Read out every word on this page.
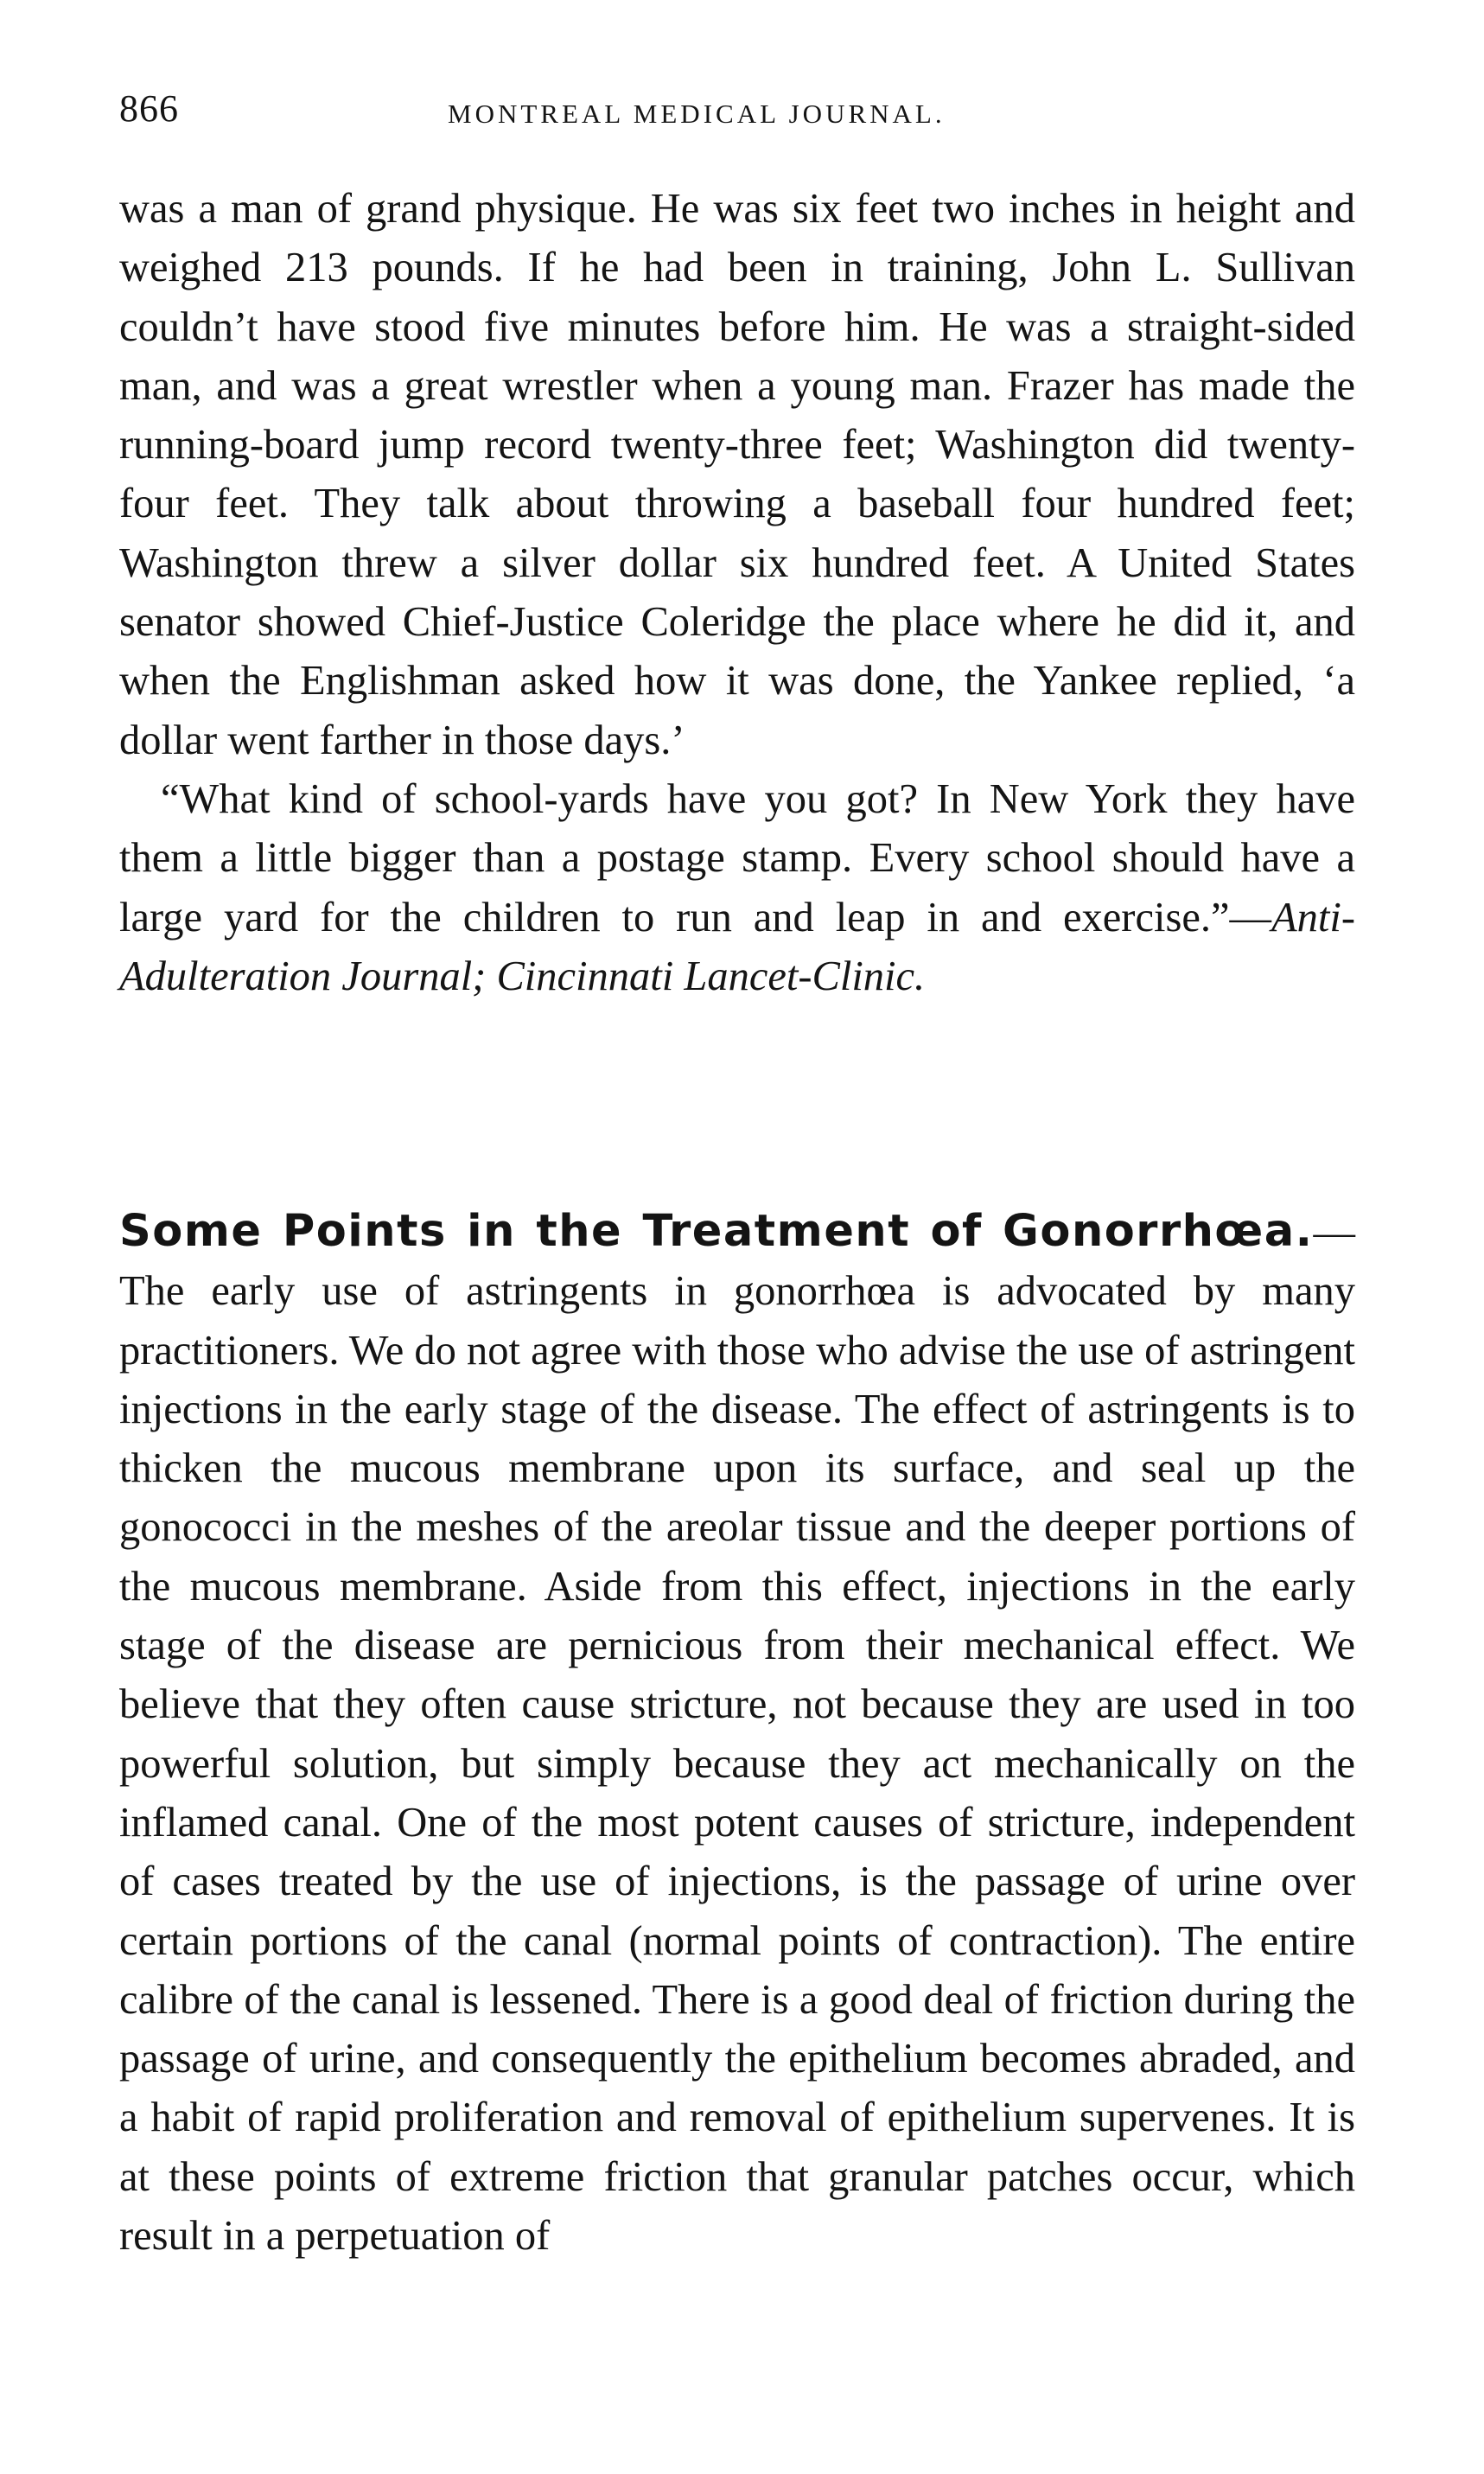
866	MONTREAL MEDICAL JOURNAL.

was a man of grand physique. He was six feet two inches in height and weighed 213 pounds. If he had been in training, John L. Sullivan couldn’t have stood five minutes before him. He was a straight-sided man, and was a great wrestler when a young man. Frazer has made the running-board jump record twenty-three feet; Washington did twenty-four feet. They talk about throwing a baseball four hundred feet; Washington threw a silver dollar six hundred feet. A United States senator showed Chief-Justice Coleridge the place where he did it, and when the Englishman asked how it was done, the Yankee replied, ‘a dollar went farther in those days.’

“What kind of school-yards have you got? In New York they have them a little bigger than a postage stamp. Every school should have a large yard for the children to run and leap in and exercise.”—Anti-Adulteration Journal; Cincinnati Lancet-Clinic.

Some Points in the Treatment of Gonorrhœa.—The early use of astringents in gonorrhœa is advocated by many practitioners. We do not agree with those who advise the use of astringent injections in the early stage of the disease. The effect of astringents is to thicken the mucous membrane upon its surface, and seal up the gonococci in the meshes of the areolar tissue and the deeper portions of the mucous membrane. Aside from this effect, injections in the early stage of the disease are pernicious from their mechanical effect. We believe that they often cause stricture, not because they are used in too powerful solution, but simply because they act mechanically on the inflamed canal. One of the most potent causes of stricture, independent of cases treated by the use of injections, is the passage of urine over certain portions of the canal (normal points of contraction). The entire calibre of the canal is lessened. There is a good deal of friction during the passage of urine, and consequently the epithelium becomes abraded, and a habit of rapid proliferation and removal of epithelium supervenes. It is at these points of extreme friction that granular patches occur, which result in a perpetuation of
